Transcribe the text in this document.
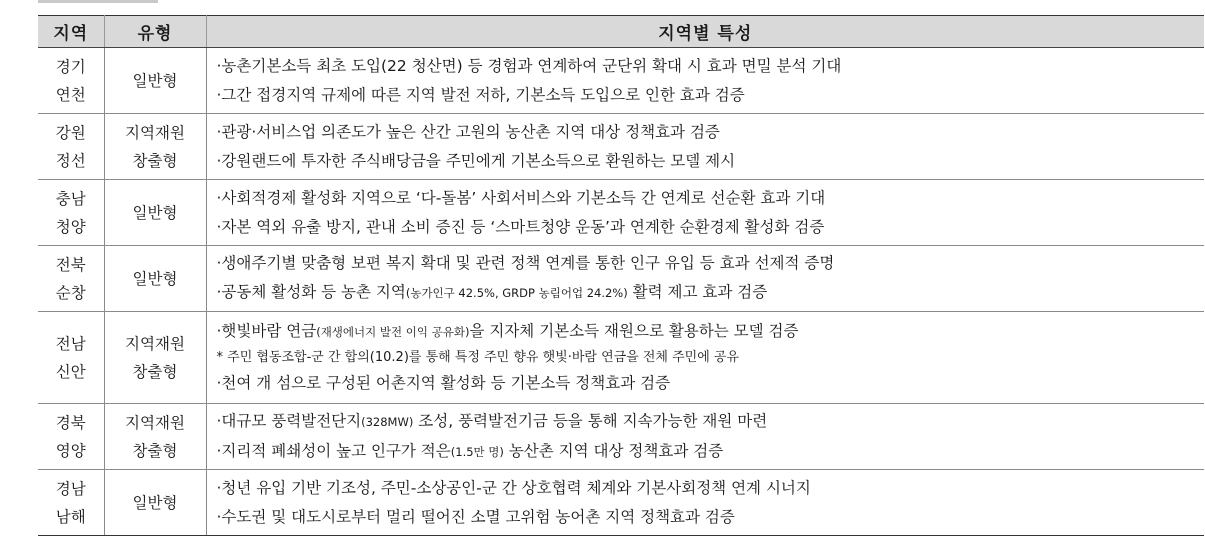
지역	유형	지역별 특성

경기
연천	일반형	·농촌기본소득 최초 도입(22 청산면) 등 경험과 연계하여 군단위 확대 시 효과 면밀 분석 기대
·그간 접경지역 규제에 따른 지역 발전 저하, 기본소득 도입으로 인한 효과 검증

강원
정선	지역재원
창출형	·관광·서비스업 의존도가 높은 산간 고원의 농산촌 지역 대상 정책효과 검증
·강원랜드에 투자한 주식배당금을 주민에게 기본소득으로 환원하는 모델 제시

충남
청양	일반형	·사회적경제 활성화 지역으로 ‘다-돌봄’ 사회서비스와 기본소득 간 연계로 선순환 효과 기대
·자본 역외 유출 방지, 관내 소비 증진 등 ‘스마트청양 운동’과 연계한 순환경제 활성화 검증

전북
순창	일반형	·생애주기별 맞춤형 보편 복지 확대 및 관련 정책 연계를 통한 인구 유입 등 효과 선제적 증명
·공동체 활성화 등 농촌 지역(농가인구 42.5%, GRDP 농림어업 24.2%) 활력 제고 효과 검증

전남
신안	지역재원
창출형	·햇빛바람 연금(재생에너지 발전 이익 공유화)을 지자체 기본소득 재원으로 활용하는 모델 검증
* 주민 협동조합-군 간 합의(10.2)를 통해 특정 주민 향유 햇빛·바람 연금을 전체 주민에 공유
·천여 개 섬으로 구성된 어촌지역 활성화 등 기본소득 정책효과 검증

경북
영양	지역재원
창출형	·대규모 풍력발전단지(328MW) 조성, 풍력발전기금 등을 통해 지속가능한 재원 마련
·지리적 폐쇄성이 높고 인구가 적은(1.5만 명) 농산촌 지역 대상 정책효과 검증

경남
남해	일반형	·청년 유입 기반 기조성, 주민-소상공인-군 간 상호협력 체계와 기본사회정책 연계 시너지
·수도권 및 대도시로부터 멀리 떨어진 소멸 고위험 농어촌 지역 정책효과 검증
